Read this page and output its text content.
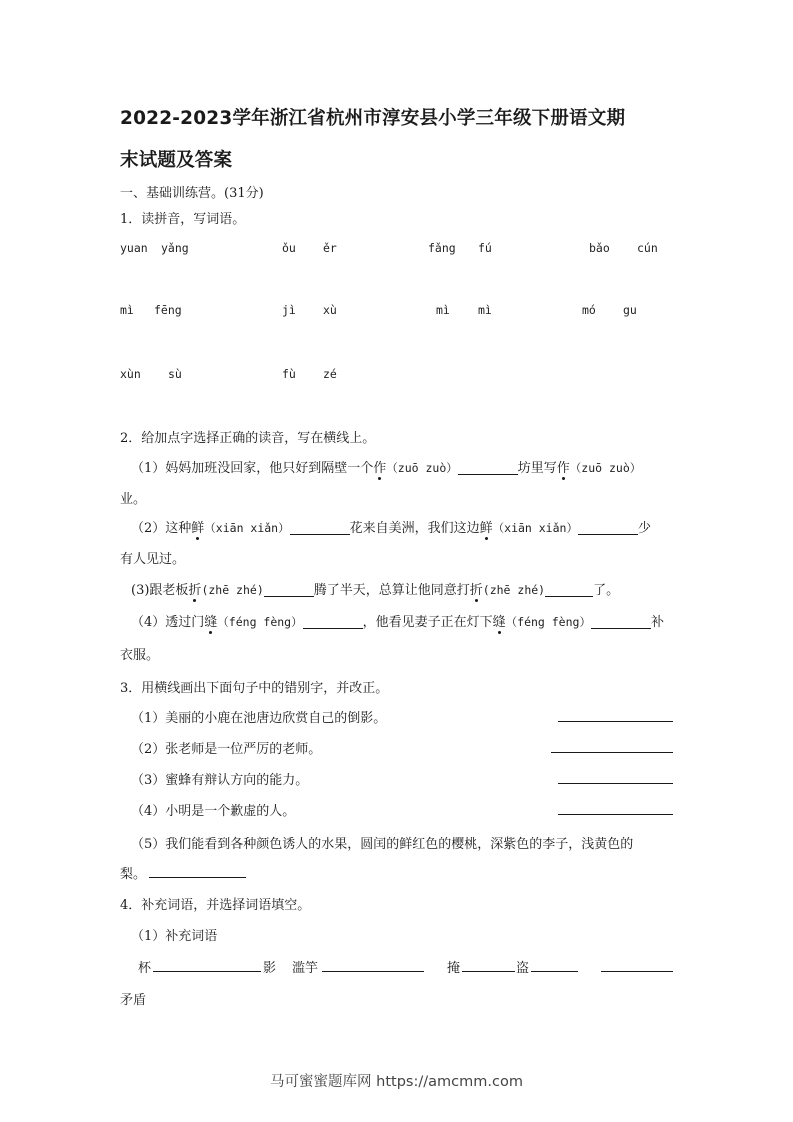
2022-2023学年浙江省杭州市淳安县小学三年级下册语文期
末试题及答案
一、基础训练营。(31分)
1．读拼音，写词语。
yuan yǎng	ǒu ěr	fǎng fú	bǎo cún
mì fēng	jì xù	mì mì	mó gu
xùn sù	fù zé
2．给加点字选择正确的读音，写在横线上。
（1）妈妈加班没回家，他只好到隔壁一个作（zuō zuò）	坊里写作（zuō zuò）
业。
（2）这种鲜（xiān xiǎn）	花来自美洲，我们这边鲜（xiān xiǎn）	少
有人见过。
(3)跟老板折(zhē zhé)	腾了半天，总算让他同意打折(zhē zhé)	了。
（4）透过门缝（féng fèng）	，他看见妻子正在灯下缝（féng fèng）	补
衣服。
3．用横线画出下面句子中的错别字，并改正。
（1）美丽的小鹿在池唐边欣赏自己的倒影。
（2）张老师是一位严厉的老师。
（3）蜜蜂有辩认方向的能力。
（4）小明是一个歉虚的人。
（5）我们能看到各种颜色诱人的水果，圆闰的鲜红色的樱桃，深紫色的李子，浅黄色的
梨。
4．补充词语，并选择词语填空。
（1）补充词语
杯	影 滥竽	掩	盗
矛盾
马可蜜蜜题库网 https://amcmm.com
